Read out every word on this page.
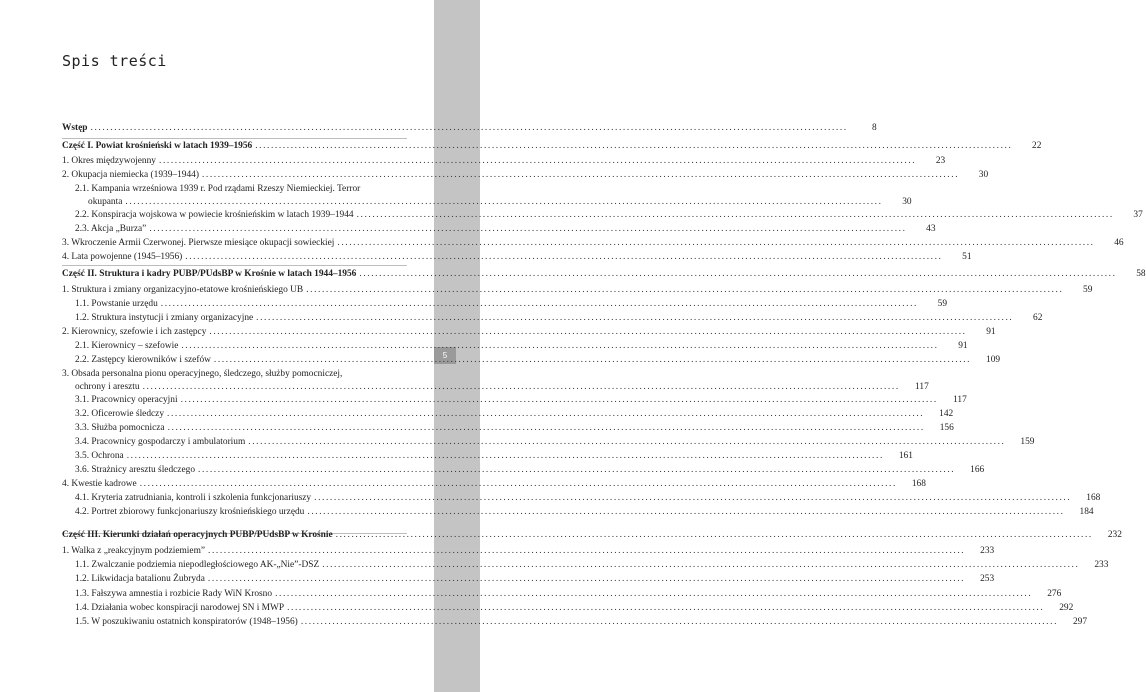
5
Spis treści
Wstęp .....	8
Część I. Powiat krośnieński w latach 1939–1956 .....	22
1. Okres międzywojenny .....	23
2. Okupacja niemiecka (1939–1944) .....	30
2.1. Kampania wrześniowa 1939 r. Pod rządami Rzeszy Niemieckiej. Terror
okupanta .....	30
2.2. Konspiracja wojskowa w powiecie krośnieńskim w latach 1939–1944 .....	37
2.3. Akcja „Burza” .....	43
3. Wkroczenie Armii Czerwonej. Pierwsze miesiące okupacji sowieckiej .....	46
4. Lata powojenne (1945–1956) .....	51
Część II. Struktura i kadry PUBP/PUdsBP w Krośnie w latach 1944–1956 .....	58
1. Struktura i zmiany organizacyjno-etatowe krośnieńskiego UB .....	59
1.1. Powstanie urzędu .....	59
1.2. Struktura instytucji i zmiany organizacyjne .....	62
2. Kierownicy, szefowie i ich zastępcy .....	91
2.1. Kierownicy – szefowie .....	91
2.2. Zastępcy kierowników i szefów .....	109
3. Obsada personalna pionu operacyjnego, śledczego, służby pomocniczej,
ochrony i aresztu .....	117
3.1. Pracownicy operacyjni .....	117
3.2. Oficerowie śledczy .....	142
3.3. Służba pomocnicza .....	156
3.4. Pracownicy gospodarczy i ambulatorium .....	159
3.5. Ochrona .....	161
3.6. Strażnicy aresztu śledczego .....	166
4. Kwestie kadrowe .....	168
4.1. Kryteria zatrudniania, kontroli i szkolenia funkcjonariuszy .....	168
4.2. Portret zbiorowy funkcjonariuszy krośnieńskiego urzędu .....	184
Część III. Kierunki działań operacyjnych PUBP/PUdsBP w Krośnie .....	232
1. Walka z „reakcyjnym podziemiem” .....	233
1.1. Zwalczanie podziemia niepodległościowego AK-„Nie”-DSZ .....	233
1.2. Likwidacja batalionu Żubryda .....	253
1.3. Fałszywa amnestia i rozbicie Rady WiN Krosno .....	276
1.4. Działania wobec konspiracji narodowej SN i MWP .....	292
1.5. W poszukiwaniu ostatnich konspiratorów (1948–1956) .....	297
